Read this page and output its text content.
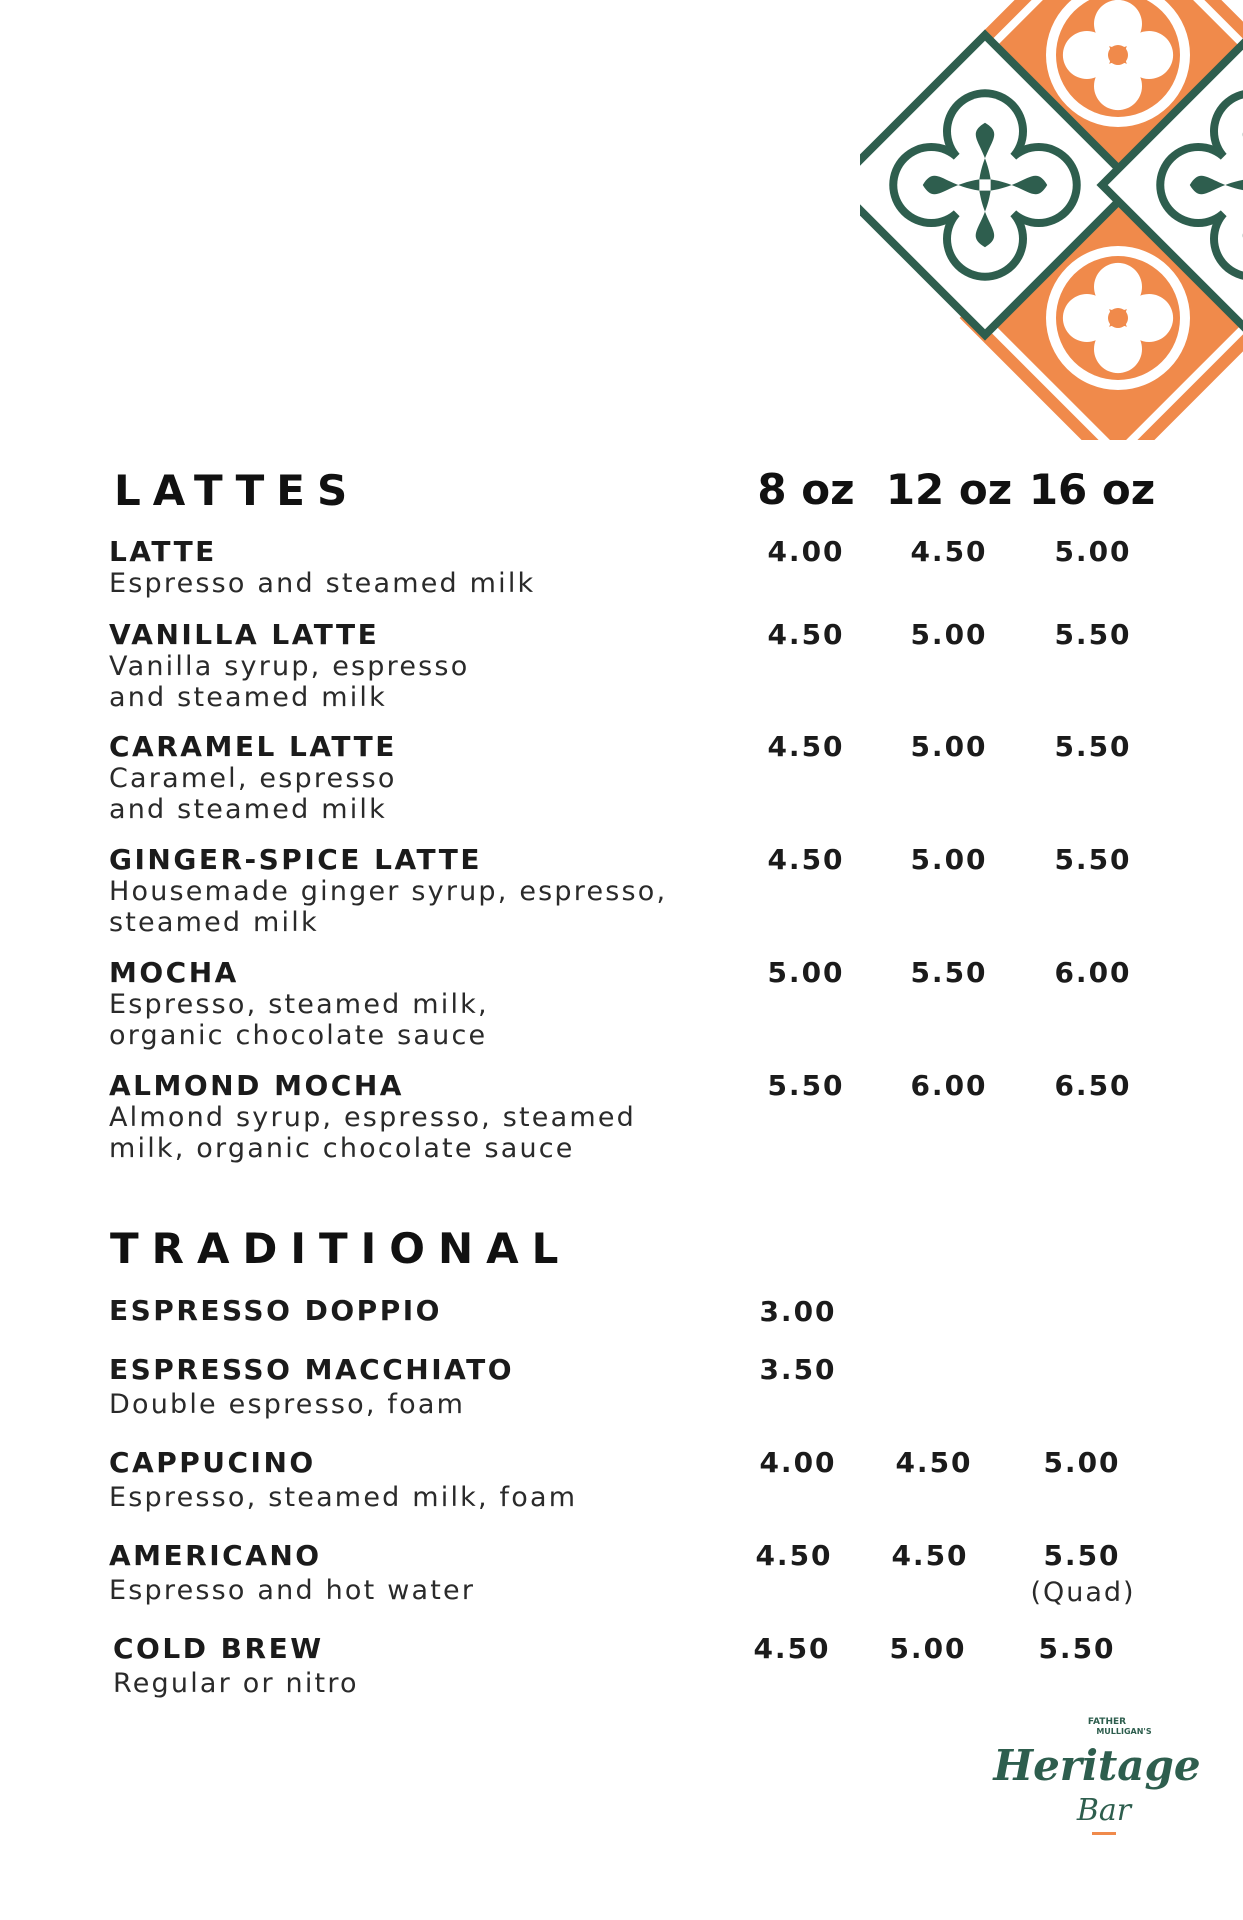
LATTES	8 oz 12 oz 16 oz
LATTE
Espresso and steamed milk
4.00	4.50	5.00
VANILLA LATTE
Vanilla syrup, espresso
and steamed milk
4.50	5.00	5.50
CARAMEL LATTE
Caramel, espresso
and steamed milk
4.50	5.00	5.50
GINGER-SPICE LATTE
Housemade ginger syrup, espresso,
steamed milk
4.50	5.00	5.50
MOCHA
Espresso, steamed milk,
organic chocolate sauce
5.00	5.50	6.00
ALMOND MOCHA
Almond syrup, espresso, steamed
milk, organic chocolate sauce
5.50	6.00	6.50
TRADITIONAL
ESPRESSO DOPPIO	3.00
ESPRESSO MACCHIATO
Double espresso, foam
3.50
CAPPUCINO
Espresso, steamed milk, foam
4.00	4.50	5.00
AMERICANO
Espresso and hot water
4.50	4.50	5.50
(Quad)
COLD BREW
Regular or nitro
4.50	5.00	5.50
FATHER
MULLIGAN'S
Heritage
Bar
